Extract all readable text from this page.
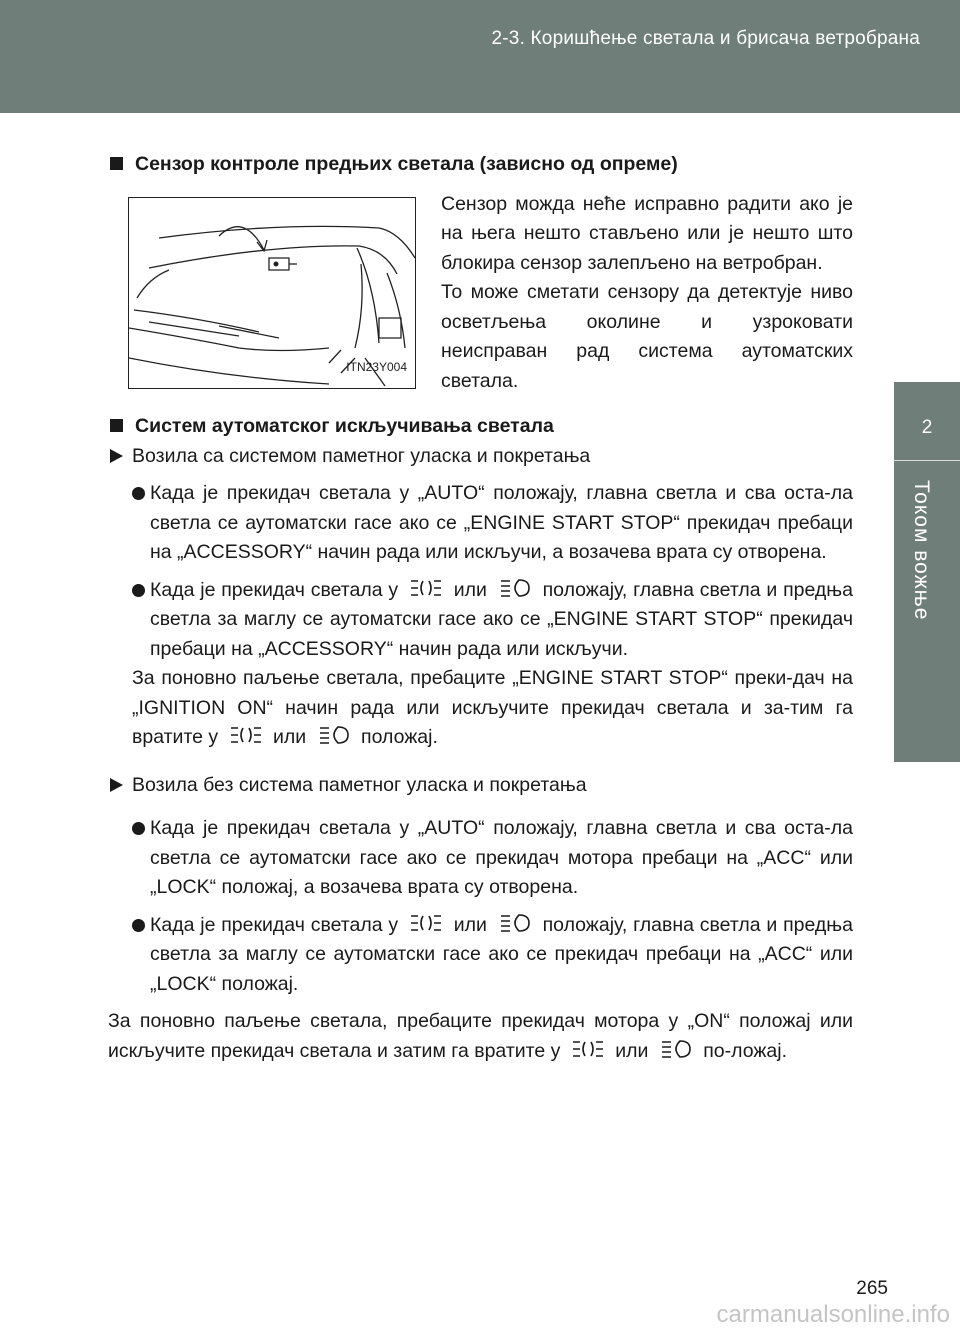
2-3. Коришћење светала и брисача ветробрана
2
Током вожње
Сензор контроле предњих светала (зависно од опреме)
ITN23Y004

Сензор можда неће исправно радити ако је на њега нешто стављено или је нешто што блокира сензор залепљено на ветробран.

То може сметати сензору да детектује ниво осветљења околине и узроковати неисправан рад система аутоматских светала.

Систем аутоматског искључивања светала
Возила са системом паметног уласка и покретања
Када је прекидач светала у „AUTO“ положају, главна светла и сва оста-ла светла се аутоматски гасе ако се „ENGINE START STOP“ прекидач пребаци на „ACCESSORY“ начин рада или искључи, а возачева врата су отворена.
Када је прекидач светала у	или	положају, главна светла и предња светла за маглу се аутоматски гасе ако се „ENGINE START STOP“ прекидач пребаци на „ACCESSORY“ начин рада или искључи.
За поновно паљење светала, пребаците „ENGINE START STOP“ преки-дач на „IGNITION ON“ начин рада или искључите прекидач светала и за-тим га вратите у	или	положај.
Возила без система паметног уласка и покретања
Када је прекидач светала у „AUTO“ положају, главна светла и сва оста-ла светла се аутоматски гасе ако се прекидач мотора пребаци на „ACC“ или „LOCK“ положај, а возачева врата су отворена.
Када је прекидач светала у	или	положају, главна светла и предња светла за маглу се аутоматски гасе ако се прекидач пребаци на „ACC“ или „LOCK“ положај.
За поновно паљење светала, пребаците прекидач мотора у „ON“ положај или искључите прекидач светала и затим га вратите у	или	по-ложај.
265
carmanualsonline.info
